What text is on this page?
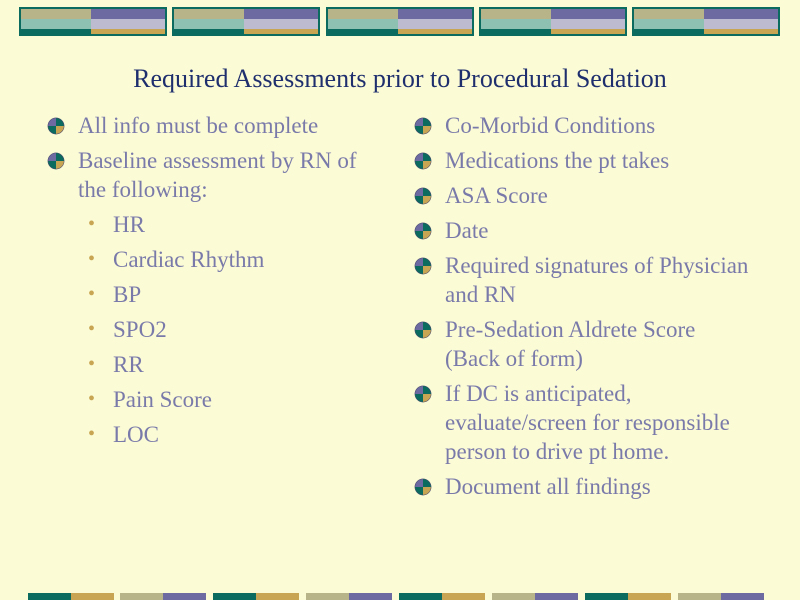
Required Assessments prior to Procedural Sedation
All info must be complete
Baseline assessment by RN of the following:
• HR
• Cardiac Rhythm
• BP
• SPO2
• RR
• Pain Score
• LOC
Co-Morbid Conditions
Medications the pt takes
ASA Score
Date
Required signatures of Physician and RN
Pre-Sedation Aldrete Score (Back of form)
If DC is anticipated, evaluate/screen for responsible person to drive pt home.
Document all findings
